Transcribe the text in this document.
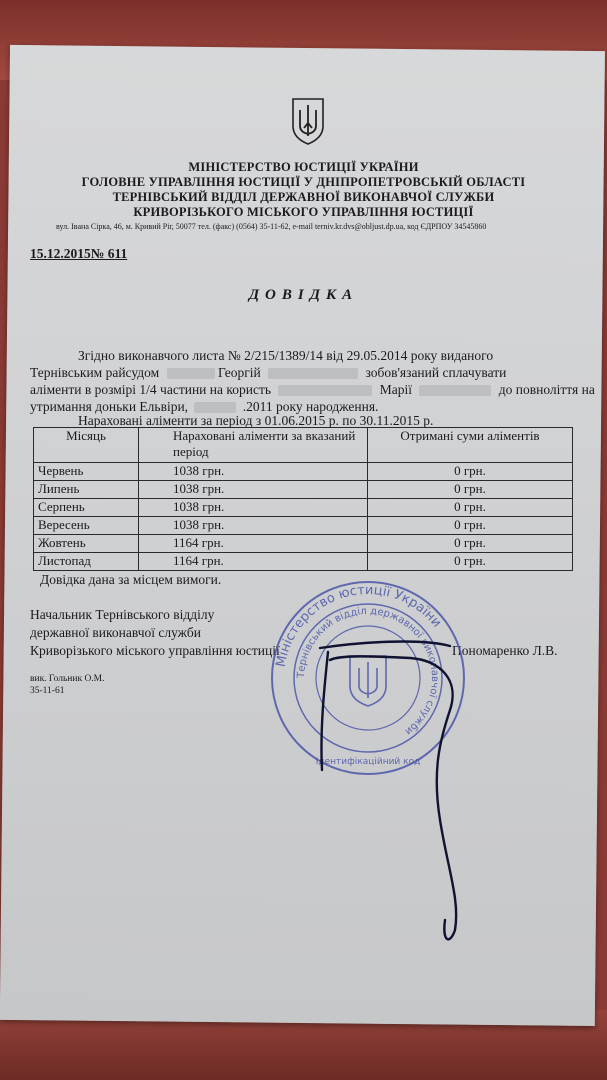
МІНІСТЕРСТВО ЮСТИЦІЇ УКРАЇНИ
ГОЛОВНЕ УПРАВЛІННЯ ЮСТИЦІЇ У ДНІПРОПЕТРОВСЬКІЙ ОБЛАСТІ
ТЕРНІВСЬКИЙ ВІДДІЛ ДЕРЖАВНОЇ ВИКОНАВЧОЇ СЛУЖБИ
КРИВОРІЗЬКОГО МІСЬКОГО УПРАВЛІННЯ ЮСТИЦІЇ
вул. Івана Сірка, 46, м. Кривий Ріг, 50077 тел. (факс) (0564) 35-11-62, e-mail terniv.kr.dvs@obljust.dp.ua, код ЄДРПОУ 34545860
15.12.2015№ 611
ДОВІДКА
Згідно виконавчого листа № 2/215/1389/14 від 29.05.2014 року виданого
Тернівським райсудом	Георгій	зобов'язаний сплачувати
аліменти в розмірі 1/4 частини на користь	Марії	до повноліття на
утримання доньки Ельвіри,	.2011 року народження.
Нараховані аліменти за період з 01.06.2015 р. по 30.11.2015 р.
Місяць	Нараховані аліменти за вказаний період	Отримані суми аліментів
Червень	1038 грн.	0 грн.
Липень	1038 грн.	0 грн.
Серпень	1038 грн.	0 грн.
Вересень	1038 грн.	0 грн.
Жовтень	1164 грн.	0 грн.
Листопад	1164 грн.	0 грн.
Довідка дана за місцем вимоги.
Начальник Тернівського відділу
державної виконавчої служби
Криворізького міського управління юстиції	Пономаренко Л.В.
вик. Гольник О.М.
35-11-61
Міністерство юстиції України
Тернівський відділ державної виконавчої служби
Ідентифікаційний код
